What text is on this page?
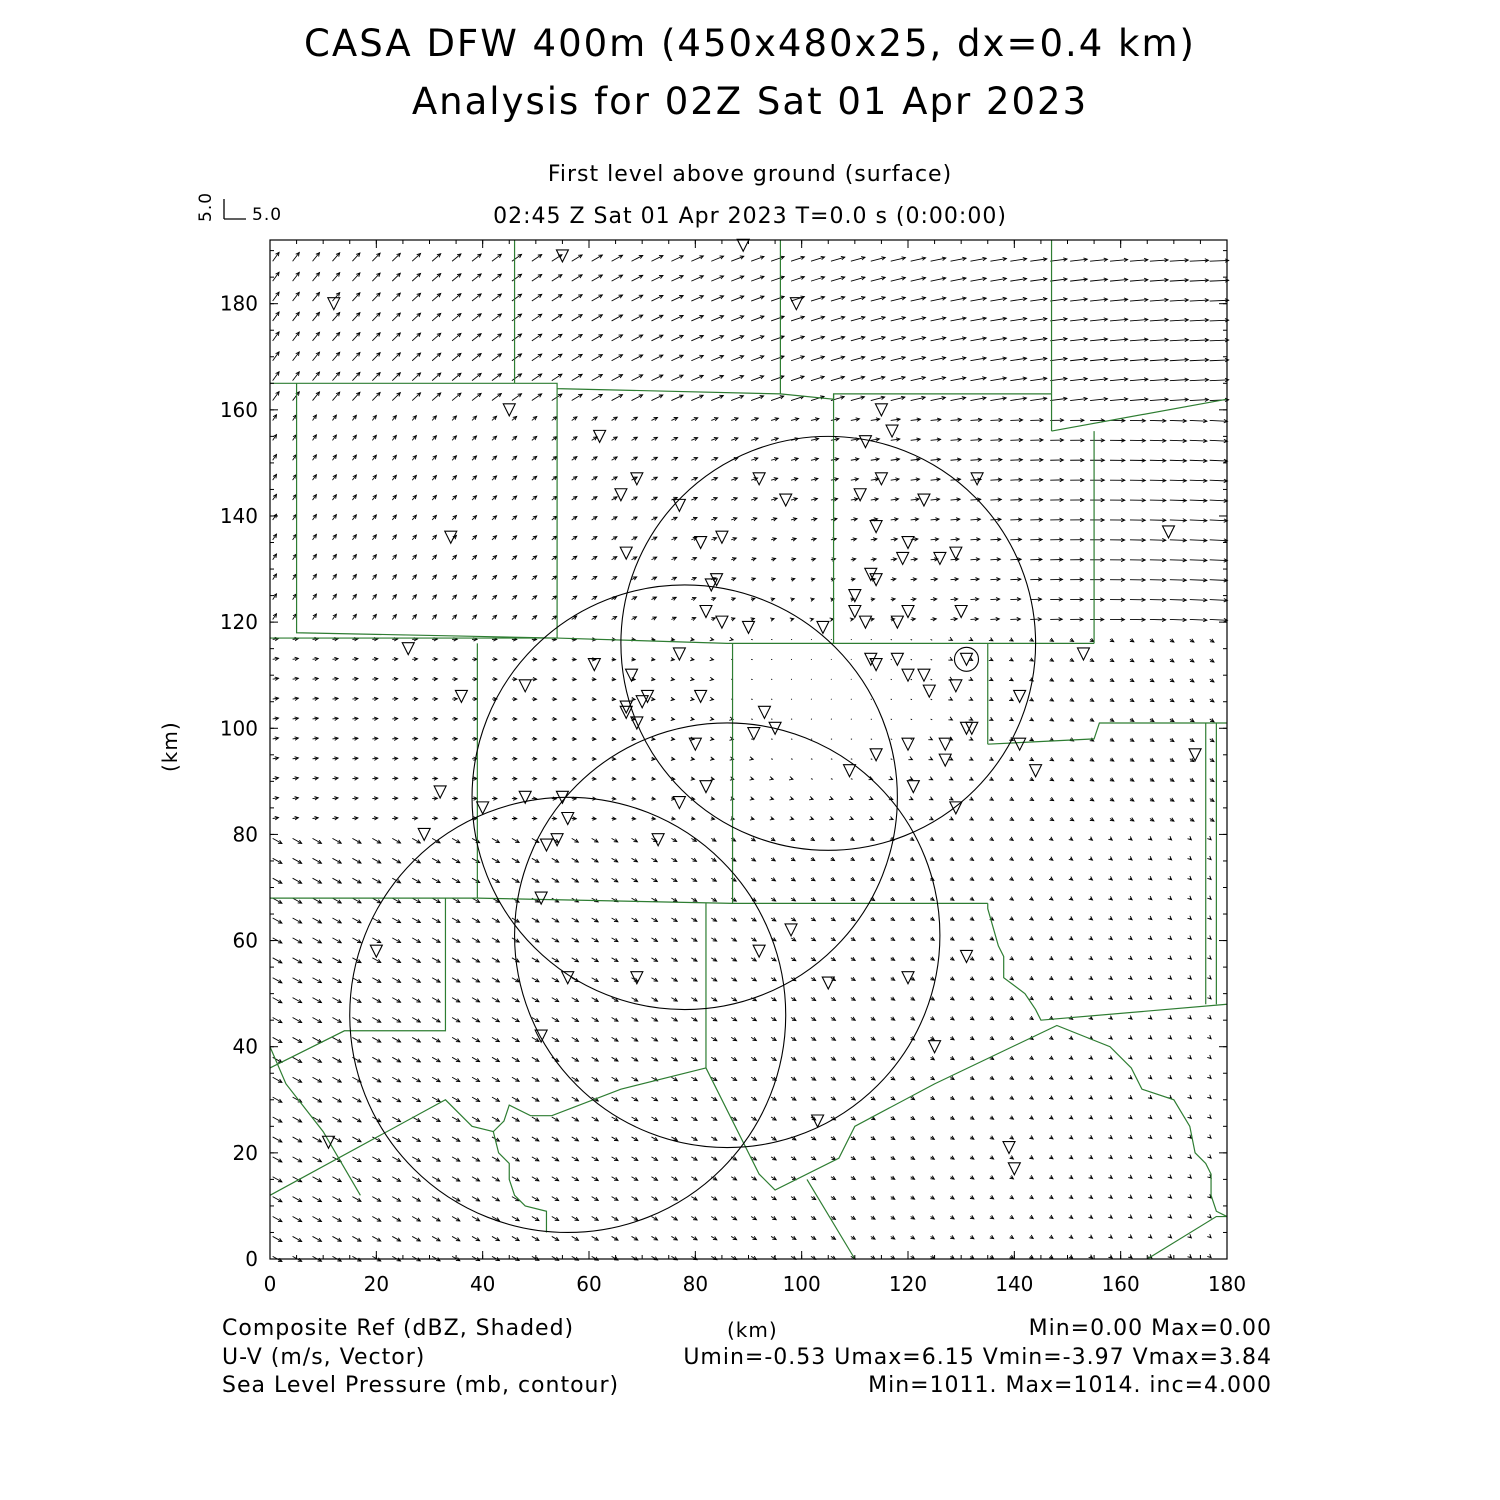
0	20	40	60	80	100	120	140	160	180
0
20
40
60
80
100
120
140
160
180
CASA DFW 400m (450x480x25, dx=0.4 km)
Analysis for 02Z Sat 01 Apr 2023
First level above ground (surface)
02:45 Z Sat 01 Apr 2023 T=0.0 s (0:00:00)
5.0
5.0
(km)
(km)
Composite Ref (dBZ, Shaded)
U-V (m/s, Vector)
Sea Level Pressure (mb, contour)
Min=0.00 Max=0.00
Umin=-0.53 Umax=6.15 Vmin=-3.97 Vmax=3.84
Min=1011. Max=1014. inc=4.000
